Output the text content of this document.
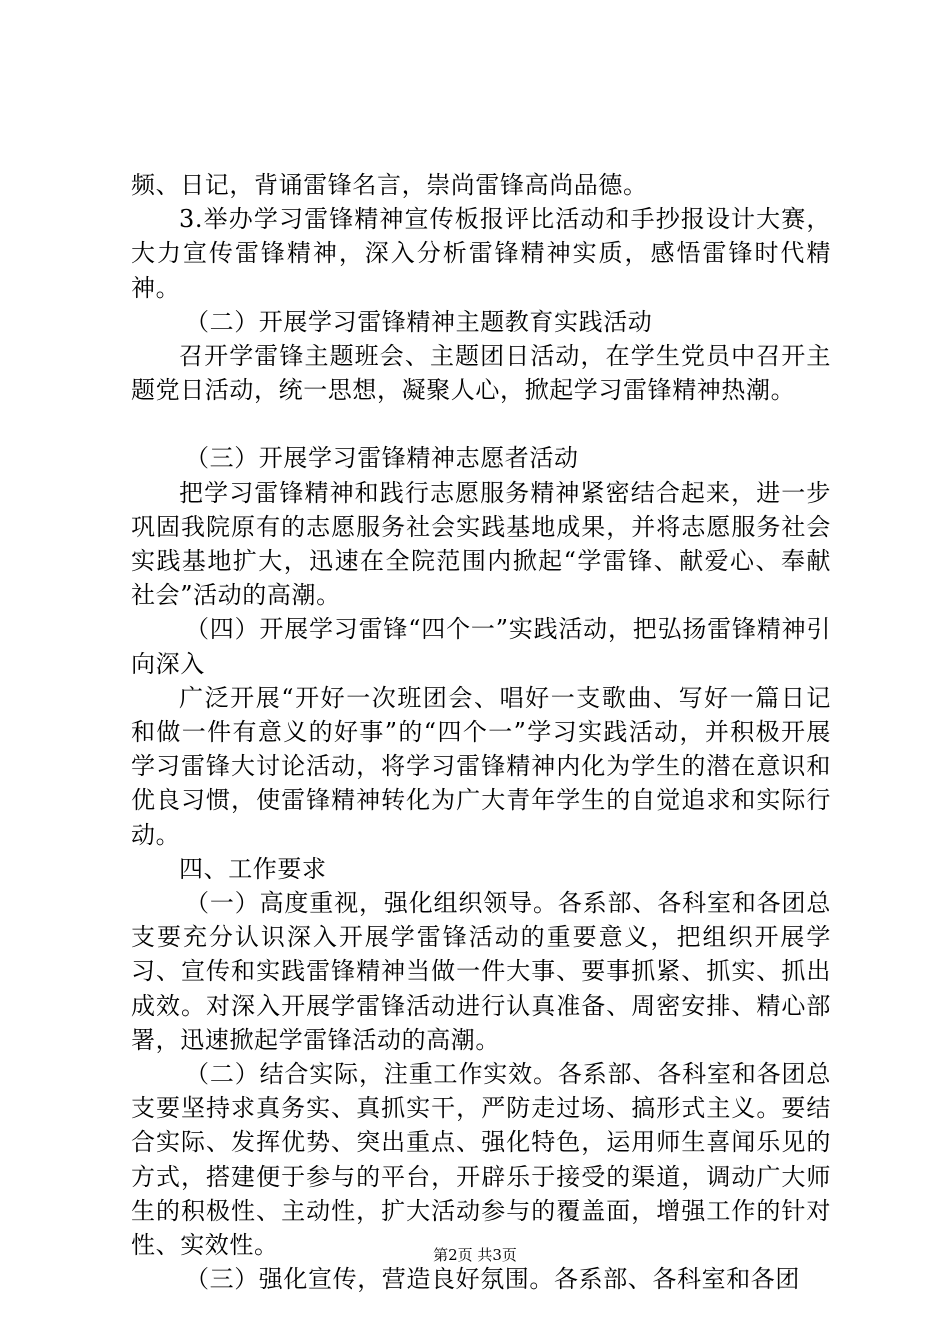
频、日记，背诵雷锋名言，崇尚雷锋高尚品德。

3.举办学习雷锋精神宣传板报评比活动和手抄报设计大赛，大力宣传雷锋精神，深入分析雷锋精神实质，感悟雷锋时代精神。

（二）开展学习雷锋精神主题教育实践活动

召开学雷锋主题班会、主题团日活动，在学生党员中召开主题党日活动，统一思想，凝聚人心，掀起学习雷锋精神热潮。

（三）开展学习雷锋精神志愿者活动

把学习雷锋精神和践行志愿服务精神紧密结合起来，进一步巩固我院原有的志愿服务社会实践基地成果，并将志愿服务社会实践基地扩大，迅速在全院范围内掀起“学雷锋、献爱心、奉献社会”活动的高潮。

（四）开展学习雷锋“四个一”实践活动，把弘扬雷锋精神引向深入

广泛开展“开好一次班团会、唱好一支歌曲、写好一篇日记和做一件有意义的好事”的“四个一”学习实践活动，并积极开展学习雷锋大讨论活动，将学习雷锋精神内化为学生的潜在意识和优良习惯，使雷锋精神转化为广大青年学生的自觉追求和实际行动。

四、工作要求

（一）高度重视，强化组织领导。各系部、各科室和各团总支要充分认识深入开展学雷锋活动的重要意义，把组织开展学习、宣传和实践雷锋精神当做一件大事、要事抓紧、抓实、抓出成效。对深入开展学雷锋活动进行认真准备、周密安排、精心部署，迅速掀起学雷锋活动的高潮。

（二）结合实际，注重工作实效。各系部、各科室和各团总支要坚持求真务实、真抓实干，严防走过场、搞形式主义。要结合实际、发挥优势、突出重点、强化特色，运用师生喜闻乐见的方式，搭建便于参与的平台，开辟乐于接受的渠道，调动广大师生的积极性、主动性，扩大活动参与的覆盖面，增强工作的针对性、实效性。

（三）强化宣传，营造良好氛围。各系部、各科室和各团

第2页 共3页
